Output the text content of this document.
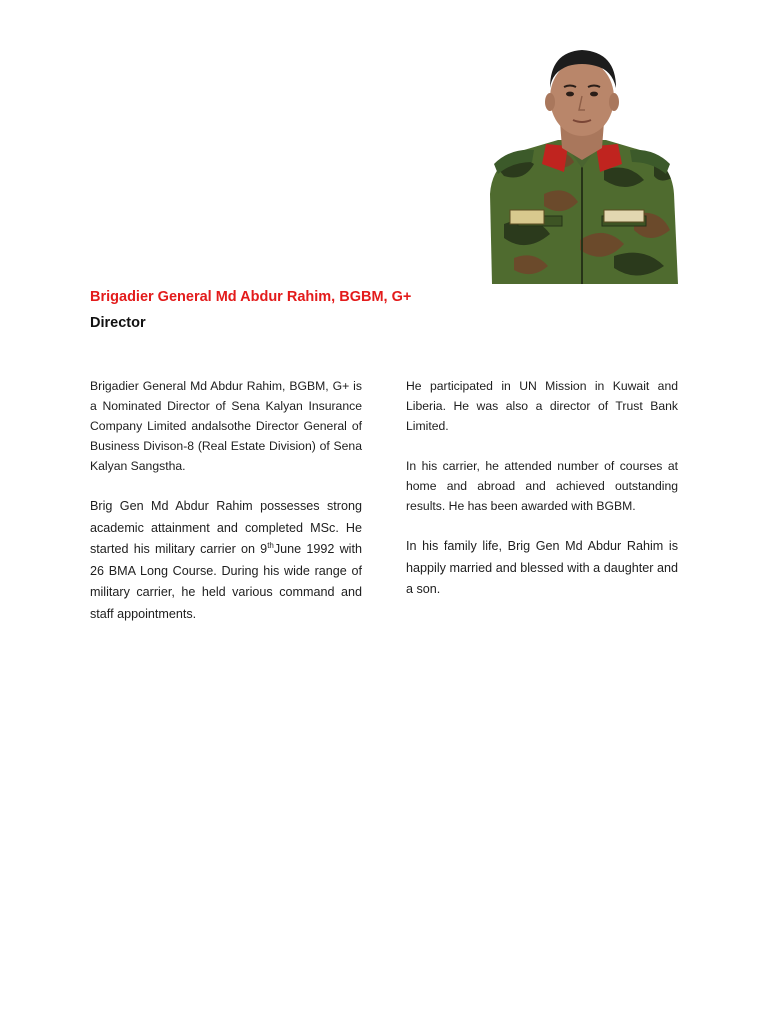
Brigadier General Md Abdur Rahim, BGBM, G+
Director

Brigadier General Md Abdur Rahim, BGBM, G+ is a Nominated Director of Sena Kalyan Insurance Company Limited andalsothe Director General of Business Divison-8 (Real Estate Division) of Sena Kalyan Sangstha.

Brig Gen Md Abdur Rahim possesses strong academic attainment and completed MSc. He started his military carrier on 9thJune 1992 with 26 BMA Long Course. During his wide range of military carrier, he held various command and staff appointments.

He participated in UN Mission in Kuwait and Liberia. He was also a director of Trust Bank Limited.

In his carrier, he attended number of courses at home and abroad and achieved outstanding results. He has been awarded with BGBM.

In his family life, Brig Gen Md Abdur Rahim is happily married and blessed with a daughter and a son.
